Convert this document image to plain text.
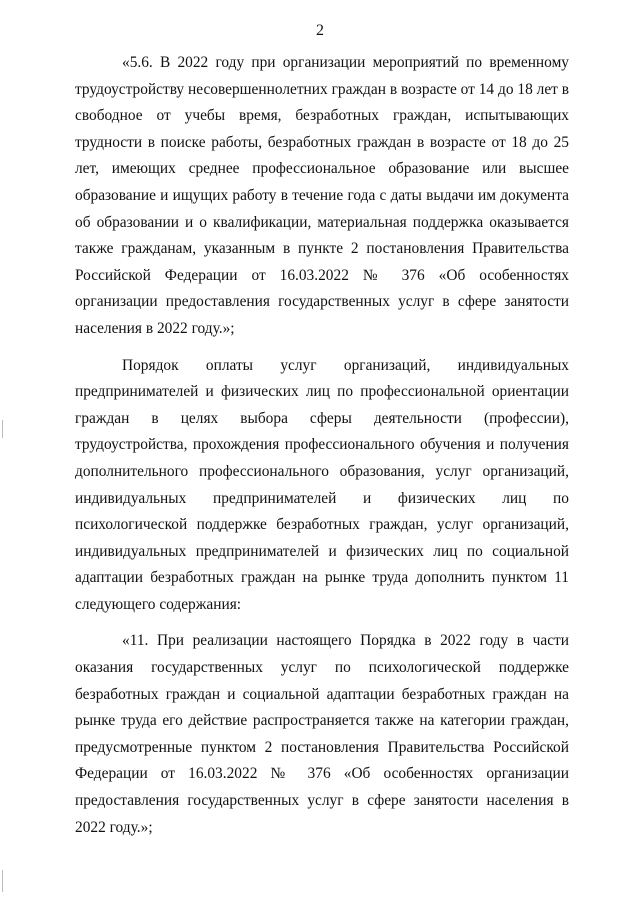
2

«5.6. В 2022 году при организации мероприятий по временному трудоустройству несовершеннолетних граждан в возрасте от 14 до 18 лет в свободное от учебы время, безработных граждан, испытывающих трудности в поиске работы, безработных граждан в возрасте от 18 до 25 лет, имеющих среднее профессиональное образование или высшее образование и ищущих работу в течение года с даты выдачи им документа об образовании и о квалификации, материальная поддержка оказывается также гражданам, указанным в пункте 2 постановления Правительства Российской Федерации от 16.03.2022 № 376 «Об особенностях организации предоставления государственных услуг в сфере занятости населения в 2022 году.»;

Порядок оплаты услуг организаций, индивидуальных предпринимателей и физических лиц по профессиональной ориентации граждан в целях выбора сферы деятельности (профессии), трудоустройства, прохождения профессионального обучения и получения дополнительного профессионального образования, услуг организаций, индивидуальных предпринимателей и физических лиц по психологической поддержке безработных граждан, услуг организаций, индивидуальных предпринимателей и физических лиц по социальной адаптации безработных граждан на рынке труда дополнить пунктом 11 следующего содержания:

«11. При реализации настоящего Порядка в 2022 году в части оказания государственных услуг по психологической поддержке безработных граждан и социальной адаптации безработных граждан на рынке труда его действие распространяется также на категории граждан, предусмотренные пунктом 2 постановления Правительства Российской Федерации от 16.03.2022 № 376 «Об особенностях организации предоставления государственных услуг в сфере занятости населения в 2022 году.»;
